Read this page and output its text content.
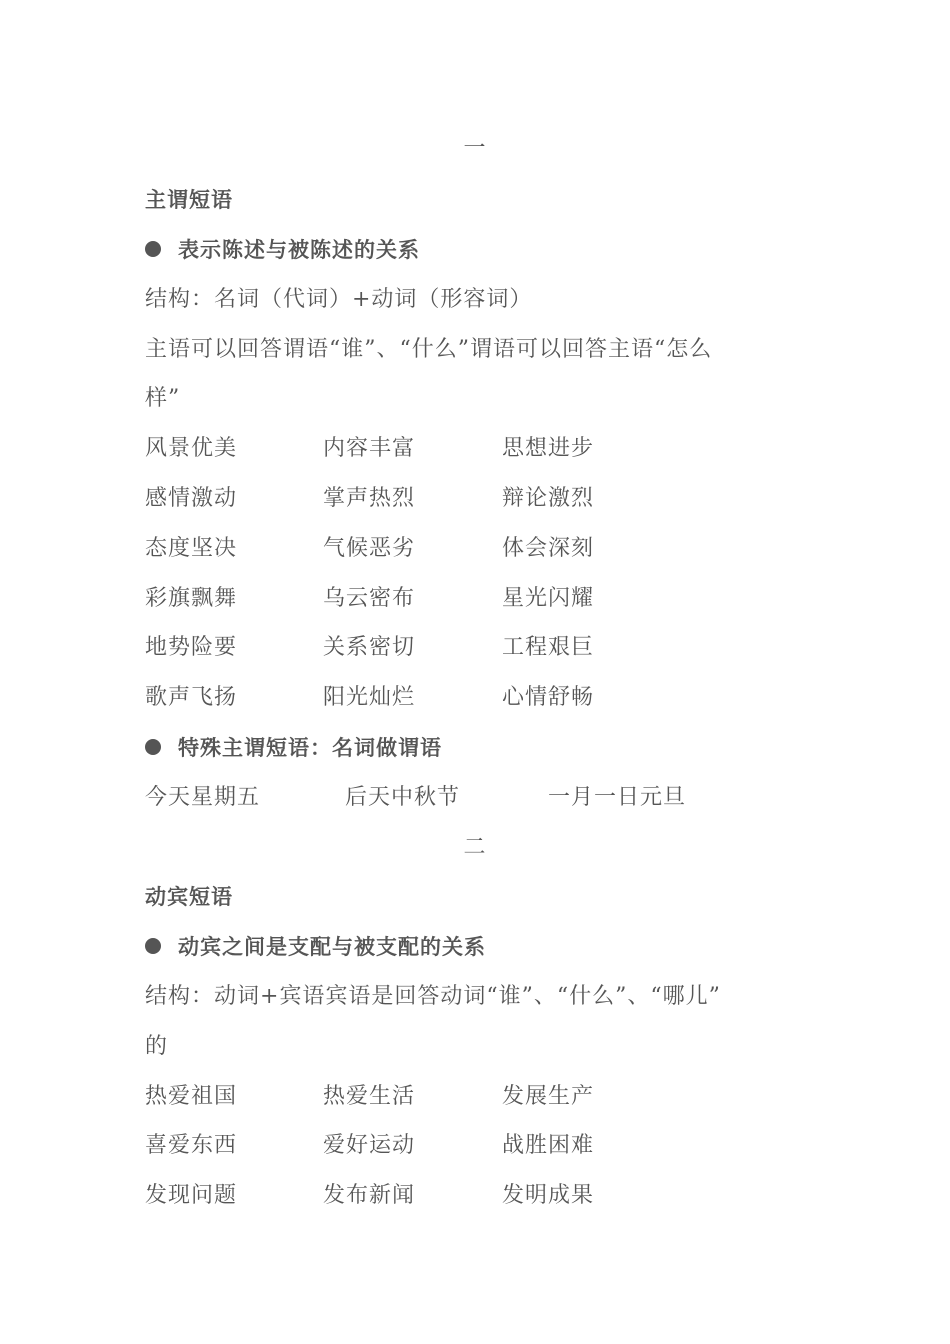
一
主谓短语
表示陈述与被陈述的关系
结构：名词（代词）+动词（形容词）
主语可以回答谓语“谁”、“什么”谓语可以回答主语“怎么
样”
风景优美	内容丰富	思想进步
感情激动	掌声热烈	辩论激烈
态度坚决	气候恶劣	体会深刻
彩旗飘舞	乌云密布	星光闪耀
地势险要	关系密切	工程艰巨
歌声飞扬	阳光灿烂	心情舒畅
特殊主谓短语：名词做谓语
今天星期五	后天中秋节	一月一日元旦
二
动宾短语
动宾之间是支配与被支配的关系
结构：动词+宾语宾语是回答动词“谁”、“什么”、“哪儿”
的
热爱祖国	热爱生活	发展生产
喜爱东西	爱好运动	战胜困难
发现问题	发布新闻	发明成果
